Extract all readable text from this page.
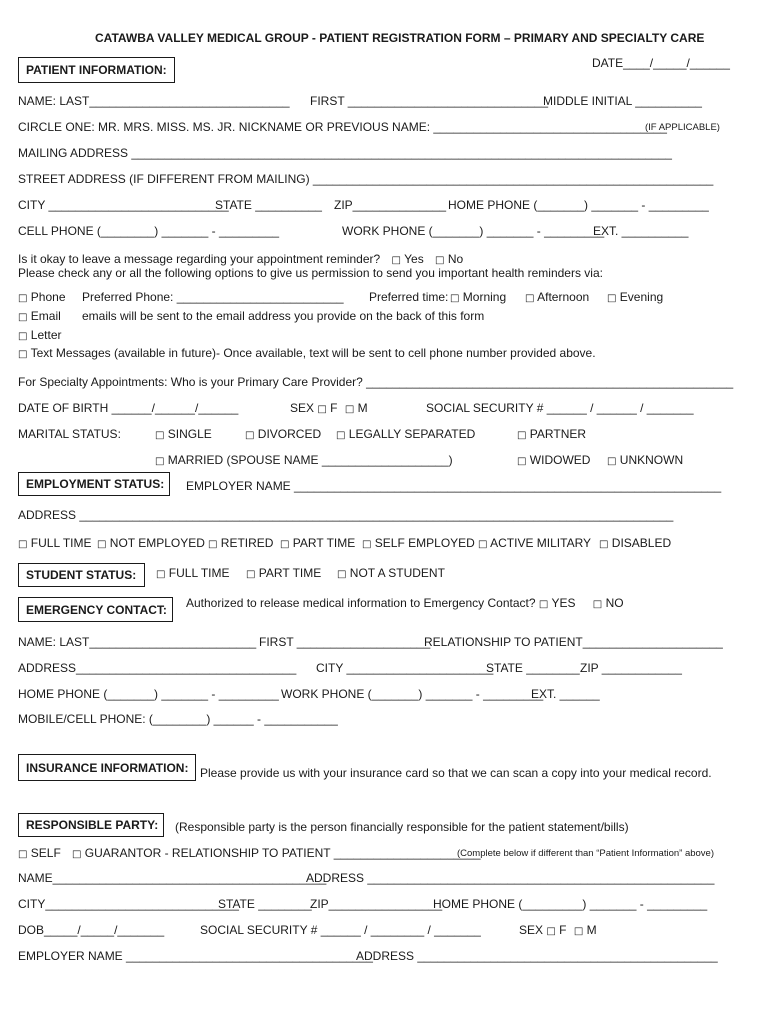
CATAWBA VALLEY MEDICAL GROUP - PATIENT REGISTRATION FORM – PRIMARY AND SPECIALTY CARE
PATIENT INFORMATION:	DATE____/_____/______
NAME: LAST______________________________ FIRST ______________________________
MIDDLE INITIAL __________
CIRCLE ONE: MR. MRS. MISS. MS. JR. NICKNAME OR PREVIOUS NAME: ___________________________________
(IF APPLICABLE)
MAILING ADDRESS _________________________________________________________________________________
STREET ADDRESS (IF DIFFERENT FROM MAILING) ____________________________________________________________
CITY ___________________________
STATE __________ ZIP______________ HOME PHONE (_______) _______ - _________
CELL PHONE (________) _______ - _________	WORK PHONE (_______) _______ - _________
EXT. __________
Is it okay to leave a message regarding your appointment reminder? □ Yes □ No
Please check any or all the following options to give us permission to send you important health reminders via:
□ Phone Preferred Phone: _________________________ Preferred time: □ Morning □ Afternoon □ Evening
□ Email emails will be sent to the email address you provide on the back of this form
□ Letter
□ Text Messages (available in future)- Once available, text will be sent to cell phone number provided above.
For Specialty Appointments: Who is your Primary Care Provider? _______________________________________________________
DATE OF BIRTH ______/______/______	SEX □ F □ M	SOCIAL SECURITY # ______ / ______ / _______
MARITAL STATUS:	□ SINGLE	□ DIVORCED □ LEGALLY SEPARATED	□ PARTNER
□ MARRIED (SPOUSE NAME ___________________)	□ WIDOWED □ UNKNOWN
EMPLOYMENT STATUS: EMPLOYER NAME ________________________________________________________________
ADDRESS _________________________________________________________________________________________
□ FULL TIME □ NOT EMPLOYED □ RETIRED □ PART TIME □ SELF EMPLOYED □ ACTIVE MILITARY □ DISABLED
STUDENT STATUS: □ FULL TIME □ PART TIME □ NOT A STUDENT
EMERGENCY CONTACT: Authorized to release medical information to Emergency Contact? □ YES □ NO
NAME: LAST_________________________ FIRST ____________________
RELATIONSHIP TO PATIENT_____________________
ADDRESS_________________________________ CITY ______________________
STATE ________ ZIP ____________
HOME PHONE (_______) _______ - _________ WORK PHONE (_______) _______ - _________
EXT. ______
MOBILE/CELL PHONE: (________) ______ - ___________
INSURANCE INFORMATION: Please provide us with your insurance card so that we can scan a copy into your medical record.
RESPONSIBLE PARTY: (Responsible party is the person financially responsible for the patient statement/bills)
□ SELF □ GUARANTOR - RELATIONSHIP TO PATIENT ______________________
(Complete below if different than “Patient Information” above)
NAME_________________________________________
ADDRESS ____________________________________________________
CITY_____________________________
STATE ________
ZIP_________________
HOME PHONE (_________) _______ - _________
DOB_____/_____/_______	SOCIAL SECURITY # ______ / ________ / _______	SEX □ F □ M
EMPLOYER NAME _____________________________________
ADDRESS _____________________________________________
